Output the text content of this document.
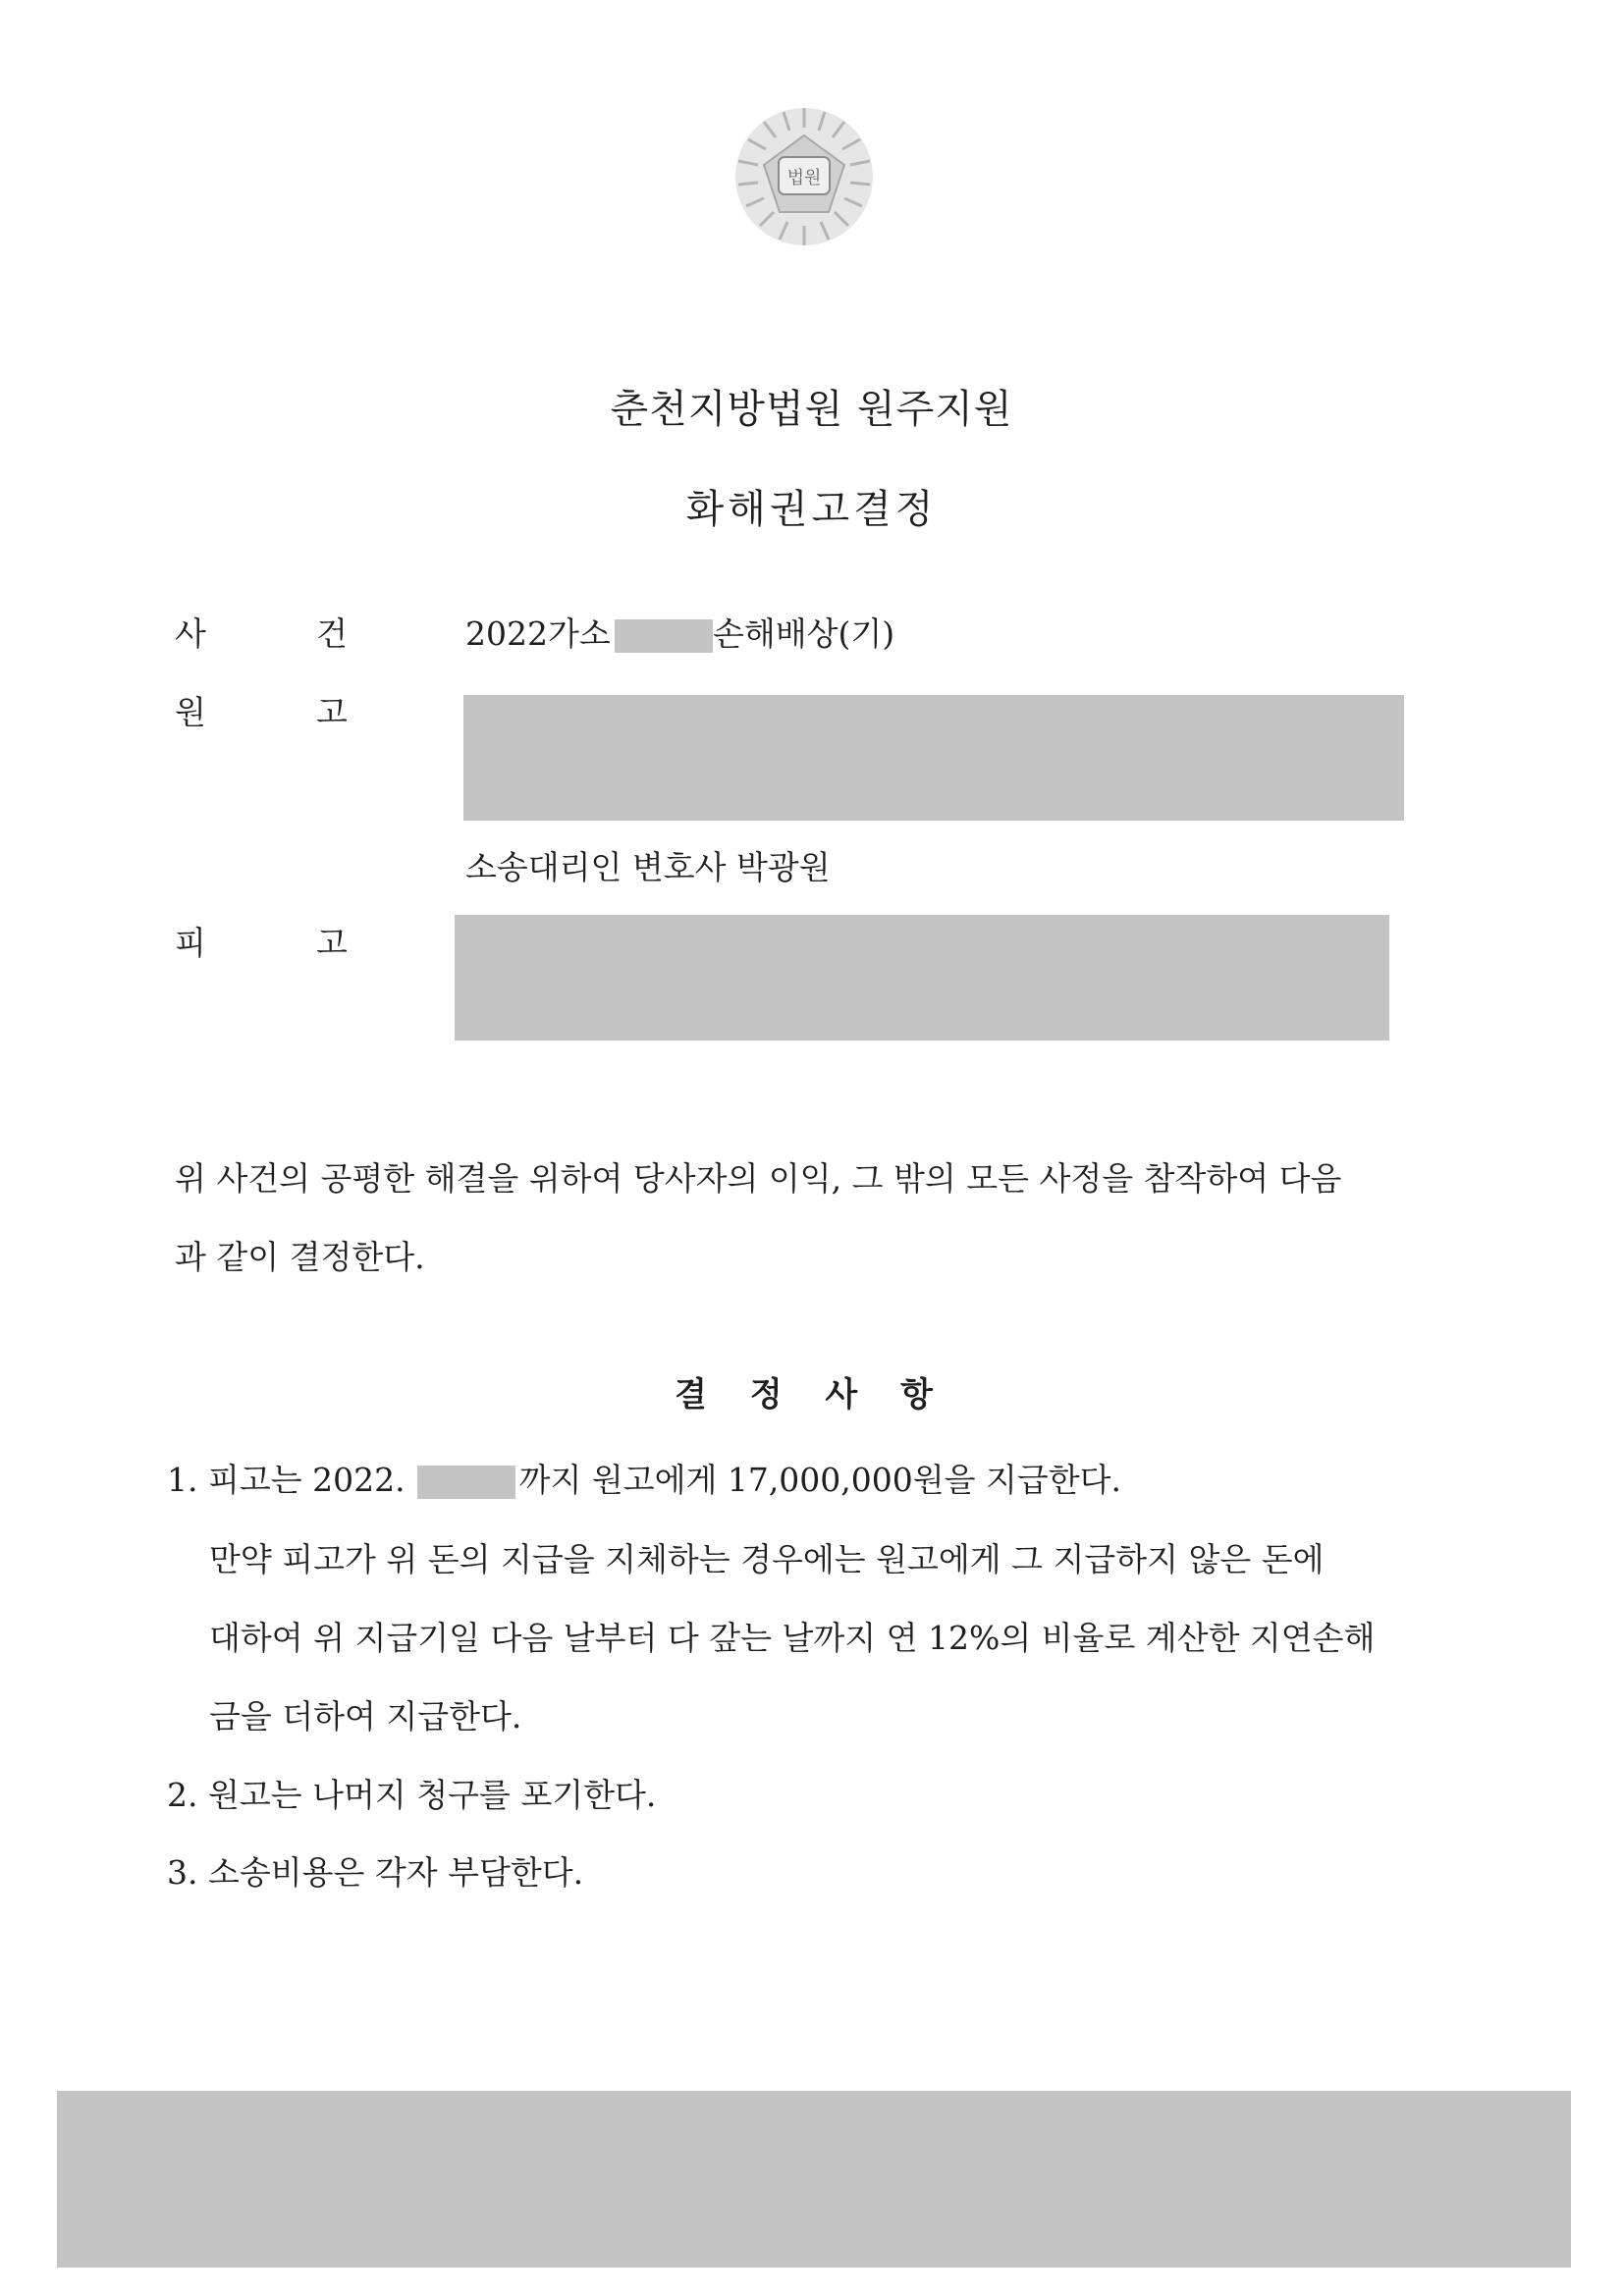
법원
춘천지방법원 원주지원
화해권고결정
사	건	2022가소	손해배상(기)
원	고
소송대리인 변호사 박광원
피	고
위 사건의 공평한 해결을 위하여 당사자의 이익, 그 밖의 모든 사정을 참작하여 다음
과 같이 결정한다.
결 정 사 항
1. 피고는 2022.	까지 원고에게 17,000,000원을 지급한다.
만약 피고가 위 돈의 지급을 지체하는 경우에는 원고에게 그 지급하지 않은 돈에
대하여 위 지급기일 다음 날부터 다 갚는 날까지 연 12%의 비율로 계산한 지연손해
금을 더하여 지급한다.
2. 원고는 나머지 청구를 포기한다.
3. 소송비용은 각자 부담한다.
